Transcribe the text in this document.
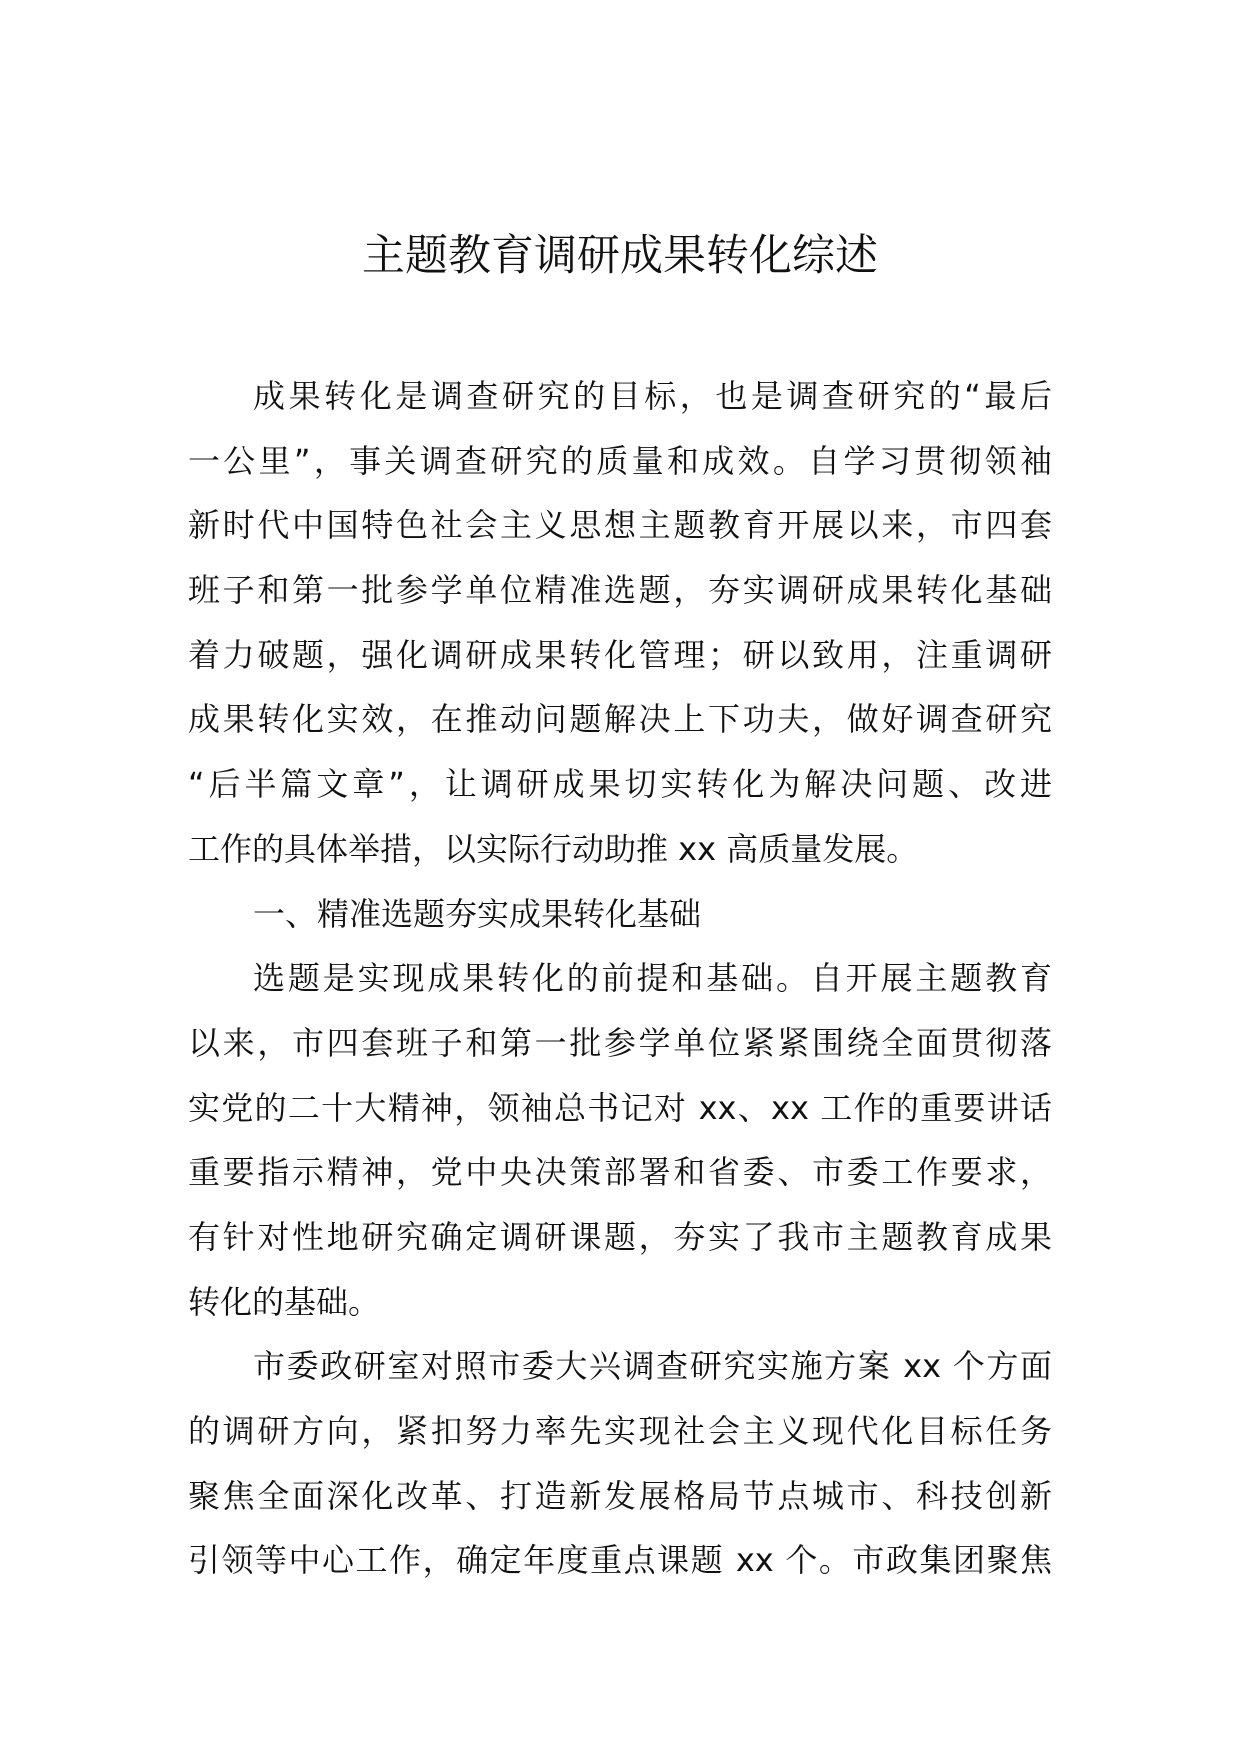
主题教育调研成果转化综述
成果转化是调查研究的目标，也是调查研究的“最后
一公里”，事关调查研究的质量和成效。自学习贯彻领袖
新时代中国特色社会主义思想主题教育开展以来，市四套
班子和第一批参学单位精准选题，夯实调研成果转化基础
着力破题，强化调研成果转化管理；研以致用，注重调研
成果转化实效，在推动问题解决上下功夫，做好调查研究
“后半篇文章”，让调研成果切实转化为解决问题、改进
工作的具体举措，以实际行动助推 xx 高质量发展。
一、精准选题夯实成果转化基础
选题是实现成果转化的前提和基础。自开展主题教育
以来，市四套班子和第一批参学单位紧紧围绕全面贯彻落
实党的二十大精神，领袖总书记对 xx、xx 工作的重要讲话
重要指示精神，党中央决策部署和省委、市委工作要求，
有针对性地研究确定调研课题，夯实了我市主题教育成果
转化的基础。
市委政研室对照市委大兴调查研究实施方案 xx 个方面
的调研方向，紧扣努力率先实现社会主义现代化目标任务
聚焦全面深化改革、打造新发展格局节点城市、科技创新
引领等中心工作，确定年度重点课题 xx 个。市政集团聚焦
